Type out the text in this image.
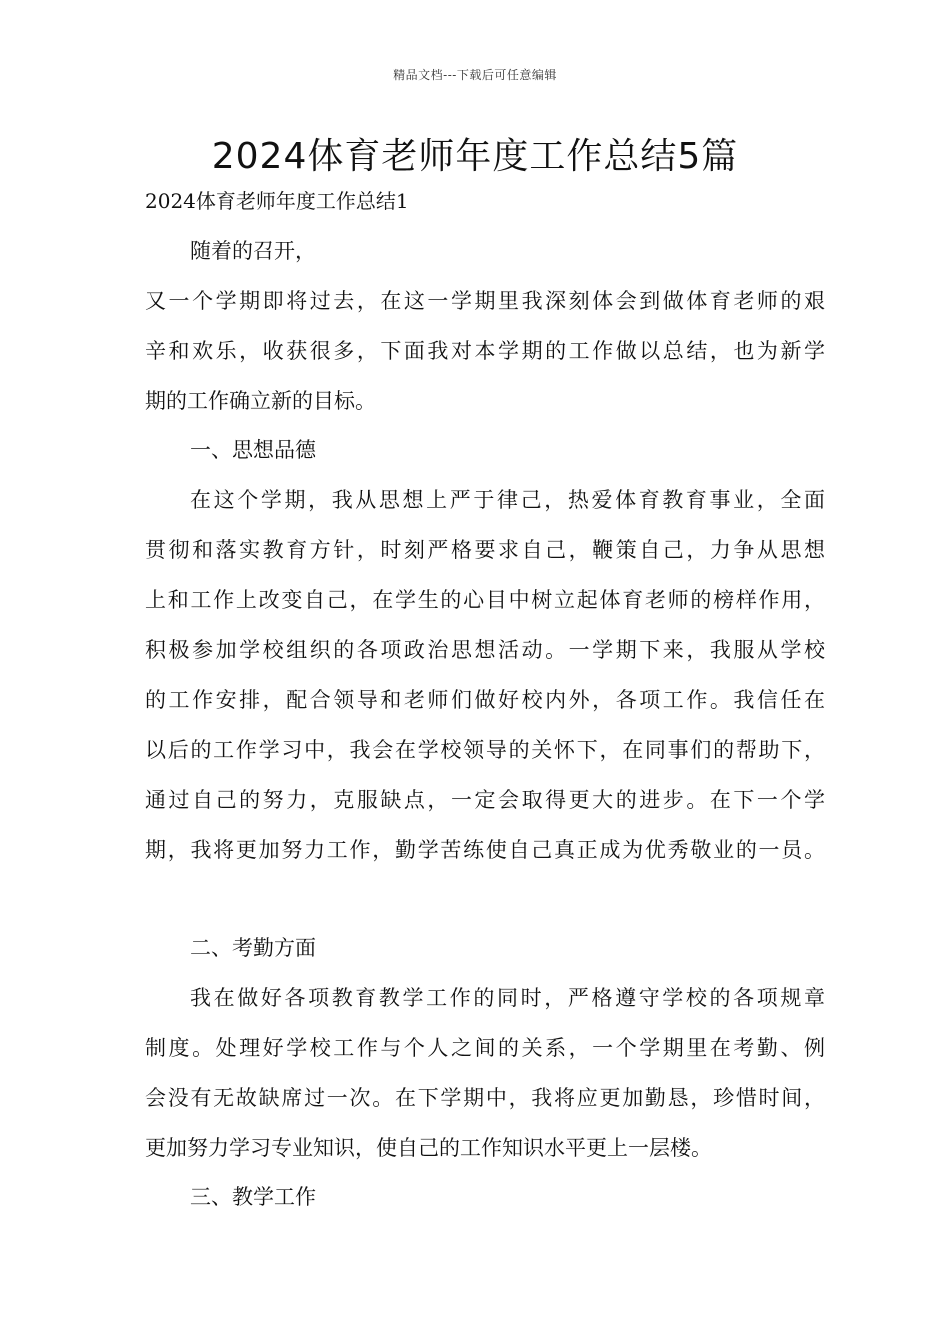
精品文档---下载后可任意编辑
2024体育老师年度工作总结5篇
2024体育老师年度工作总结1
随着的召开，
又一个学期即将过去，在这一学期里我深刻体会到做体育老师的艰
辛和欢乐，收获很多，下面我对本学期的工作做以总结，也为新学
期的工作确立新的目标。
一、思想品德
在这个学期，我从思想上严于律己，热爱体育教育事业，全面
贯彻和落实教育方针，时刻严格要求自己，鞭策自己，力争从思想
上和工作上改变自己，在学生的心目中树立起体育老师的榜样作用，
积极参加学校组织的各项政治思想活动。一学期下来，我服从学校
的工作安排，配合领导和老师们做好校内外，各项工作。我信任在
以后的工作学习中，我会在学校领导的关怀下，在同事们的帮助下，
通过自己的努力，克服缺点，一定会取得更大的进步。在下一个学
期，我将更加努力工作，勤学苦练使自己真正成为优秀敬业的一员。
二、考勤方面
我在做好各项教育教学工作的同时，严格遵守学校的各项规章
制度。处理好学校工作与个人之间的关系，一个学期里在考勤、例
会没有无故缺席过一次。在下学期中，我将应更加勤恳，珍惜时间，
更加努力学习专业知识，使自己的工作知识水平更上一层楼。
三、教学工作
